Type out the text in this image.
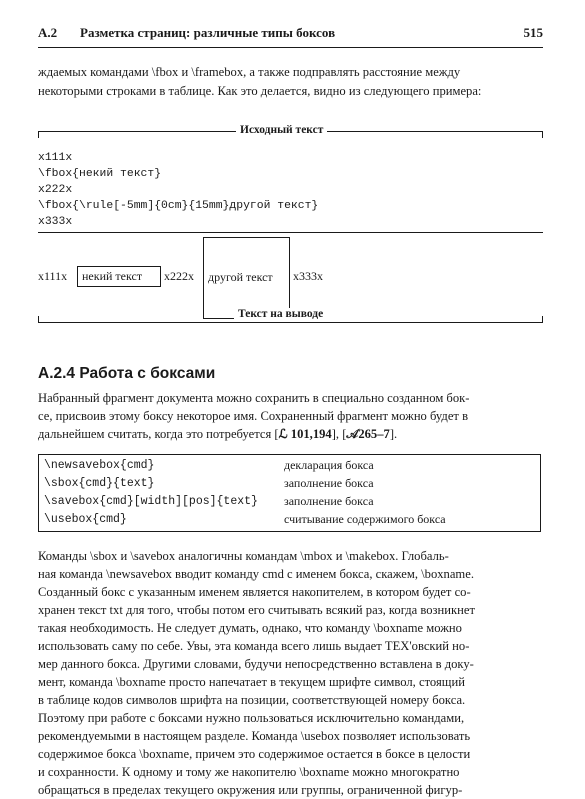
А.2 Разметка страниц: различные типы боксов	515
ждаемых командами \fbox и \framebox, а также подправлять расстояние между
некоторыми строками в таблице. Как это делается, видно из следующего примера:
Исходный текст
x111x
\fbox{некий текст}
x222x
\fbox{\rule[-5mm]{0cm}{15mm}другой текст}
x333x
x111x	некий текст	x222x	другой текст	x333x
Текст на выводе
A.2.4 Работа с боксами
Набранный фрагмент документа можно сохранить в специально созданном бок-
се, присвоив этому боксу некоторое имя. Сохраненный фрагмент можно будет в
дальнейшем считать, когда это потребуется [ℒ 101,194], [𝒜265–7].
\newsavebox{cmd}	декларация бокса
\sbox{cmd}{text}	заполнение бокса
\savebox{cmd}[width][pos]{text} заполнение бокса
\usebox{cmd}	считывание содержимого бокса
Команды \sbox и \savebox аналогичны командам \mbox и \makebox. Глобаль-
ная команда \newsavebox вводит команду cmd с именем бокса, скажем, \boxname.
Созданный бокс с указанным именем является накопителем, в котором будет со-
хранен текст txt для того, чтобы потом его считывать всякий раз, когда возникнет
такая необходимость. Не следует думать, однако, что команду \boxname можно
использовать саму по себе. Увы, эта команда всего лишь выдает TEX'овский но-
мер данного бокса. Другими словами, будучи непосредственно вставлена в доку-
мент, команда \boxname просто напечатает в текущем шрифте символ, стоящий
в таблице кодов символов шрифта на позиции, соответствующей номеру бокса.
Поэтому при работе с боксами нужно пользоваться исключительно командами,
рекомендуемыми в настоящем разделе. Команда \usebox позволяет использовать
содержимое бокса \boxname, причем это содержимое остается в боксе в целости
и сохранности. К одному и тому же накопителю \boxname можно многократно
обращаться в пределах текущего окружения или группы, ограниченной фигур-
